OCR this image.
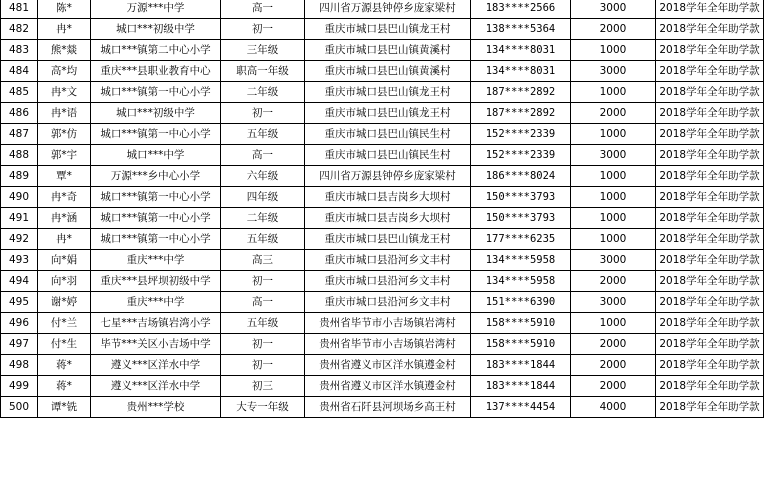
481	陈*	万源***中学	高一	四川省万源县钟停乡庞家梁村	183****2566	3000	2018学年全年助学款
482	冉*	城口***初级中学	初一	重庆市城口县巴山镇龙王村	138****5364	2000	2018学年全年助学款
483	熊*燚	城口***镇第二中心小学	三年级	重庆市城口县巴山镇黄溪村	134****8031	1000	2018学年全年助学款
484	高*均	重庆***县职业教育中心	职高一年级	重庆市城口县巴山镇黄溪村	134****8031	3000	2018学年全年助学款
485	冉*文	城口***镇第一中心小学	二年级	重庆市城口县巴山镇龙王村	187****2892	1000	2018学年全年助学款
486	冉*语	城口***初级中学	初一	重庆市城口县巴山镇龙王村	187****2892	2000	2018学年全年助学款
487	郭*仿	城口***镇第一中心小学	五年级	重庆市城口县巴山镇民生村	152****2339	1000	2018学年全年助学款
488	郭*宇	城口***中学	高一	重庆市城口县巴山镇民生村	152****2339	3000	2018学年全年助学款
489	覃*	万源***乡中心小学	六年级	四川省万源县钟停乡庞家梁村	186****8024	1000	2018学年全年助学款
490	冉*奇	城口***镇第一中心小学	四年级	重庆市城口县吉岗乡大坝村	150****3793	1000	2018学年全年助学款
491	冉*涵	城口***镇第一中心小学	二年级	重庆市城口县吉岗乡大坝村	150****3793	1000	2018学年全年助学款
492	冉*	城口***镇第一中心小学	五年级	重庆市城口县巴山镇龙王村	177****6235	1000	2018学年全年助学款
493	向*娟	重庆***中学	高三	重庆市城口县沿河乡文丰村	134****5958	3000	2018学年全年助学款
494	向*羽	重庆***县坪坝初级中学	初一	重庆市城口县沿河乡文丰村	134****5958	2000	2018学年全年助学款
495	谢*婷	重庆***中学	高一	重庆市城口县沿河乡文丰村	151****6390	3000	2018学年全年助学款
496	付*兰	七星***吉场镇岩湾小学	五年级	贵州省毕节市小吉场镇岩湾村	158****5910	1000	2018学年全年助学款
497	付*生	毕节***关区小吉场中学	初一	贵州省毕节市小吉场镇岩湾村	158****5910	2000	2018学年全年助学款
498	蒋*	遵义***区洋水中学	初一	贵州省遵义市区洋水镇遵金村	183****1844	2000	2018学年全年助学款
499	蒋*	遵义***区洋水中学	初三	贵州省遵义市区洋水镇遵金村	183****1844	2000	2018学年全年助学款
500	谭*铣	贵州***学校	大专一年级	贵州省石阡县河坝场乡高王村	137****4454	4000	2018学年全年助学款
